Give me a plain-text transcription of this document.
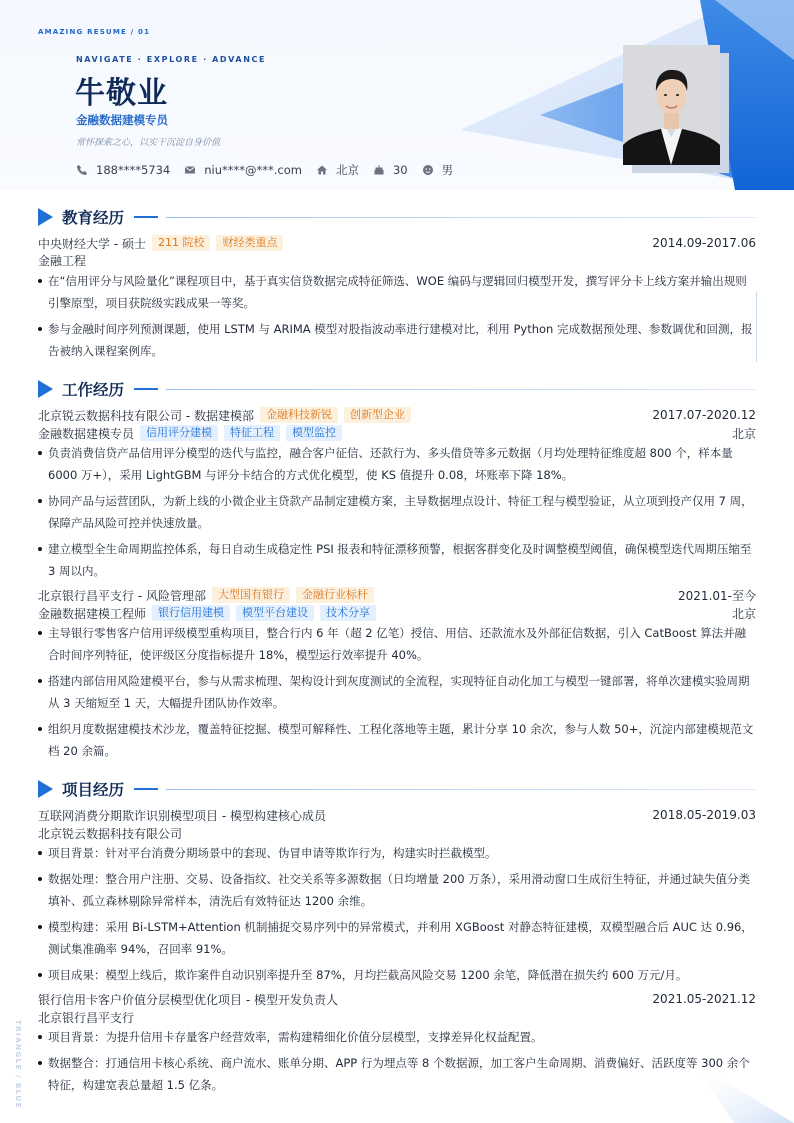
AMAZING RESUME / 01
NAVIGATE · EXPLORE · ADVANCE
牛敬业
金融数据建模专员
常怀探索之心，以实干沉淀自身价值
188****5734	niu****@***.com	北京	30	男
教育经历
中央财经大学 - 硕士	211 院校	财经类重点	2014.09-2017.06
金融工程
在“信用评分与风险量化”课程项目中，基于真实信贷数据完成特征筛选、WOE 编码与逻辑回归模型开发，撰写评分卡上线方案并输出规则引擎原型，项目获院级实践成果一等奖。
参与金融时间序列预测课题，使用 LSTM 与 ARIMA 模型对股指波动率进行建模对比，利用 Python 完成数据预处理、参数调优和回测，报告被纳入课程案例库。
工作经历
北京锐云数据科技有限公司 - 数据建模部	金融科技新锐	创新型企业	2017.07-2020.12
金融数据建模专员	信用评分建模	特征工程	模型监控	北京
负责消费信贷产品信用评分模型的迭代与监控，融合客户征信、还款行为、多头借贷等多元数据（月均处理特征维度超 800 个，样本量 6000 万+），采用 LightGBM 与评分卡结合的方式优化模型，使 KS 值提升 0.08，坏账率下降 18%。
协同产品与运营团队，为新上线的小微企业主贷款产品制定建模方案，主导数据埋点设计、特征工程与模型验证，从立项到投产仅用 7 周，保障产品风险可控并快速放量。
建立模型全生命周期监控体系，每日自动生成稳定性 PSI 报表和特征漂移预警，根据客群变化及时调整模型阈值，确保模型迭代周期压缩至 3 周以内。
北京银行昌平支行 - 风险管理部	大型国有银行	金融行业标杆	2021.01-至今
金融数据建模工程师	银行信用建模	模型平台建设	技术分享	北京
主导银行零售客户信用评级模型重构项目，整合行内 6 年（超 2 亿笔）授信、用信、还款流水及外部征信数据，引入 CatBoost 算法并融合时间序列特征，使评级区分度指标提升 18%，模型运行效率提升 40%。
搭建内部信用风险建模平台，参与从需求梳理、架构设计到灰度测试的全流程，实现特征自动化加工与模型一键部署，将单次建模实验周期从 3 天缩短至 1 天，大幅提升团队协作效率。
组织月度数据建模技术沙龙，覆盖特征挖掘、模型可解释性、工程化落地等主题，累计分享 10 余次，参与人数 50+，沉淀内部建模规范文档 20 余篇。
项目经历
互联网消费分期欺诈识别模型项目 - 模型构建核心成员	2018.05-2019.03
北京锐云数据科技有限公司
项目背景：针对平台消费分期场景中的套现、伪冒申请等欺诈行为，构建实时拦截模型。
数据处理：整合用户注册、交易、设备指纹、社交关系等多源数据（日均增量 200 万条），采用滑动窗口生成衍生特征，并通过缺失值分类填补、孤立森林剔除异常样本，清洗后有效特征达 1200 余维。
模型构建：采用 Bi-LSTM+Attention 机制捕捉交易序列中的异常模式，并利用 XGBoost 对静态特征建模，双模型融合后 AUC 达 0.96，测试集准确率 94%，召回率 91%。
项目成果：模型上线后，欺诈案件自动识别率提升至 87%，月均拦截高风险交易 1200 余笔，降低潜在损失约 600 万元/月。
银行信用卡客户价值分层模型优化项目 - 模型开发负责人	2021.05-2021.12
北京银行昌平支行
项目背景：为提升信用卡存量客户经营效率，需构建精细化价值分层模型，支撑差异化权益配置。
数据整合：打通信用卡核心系统、商户流水、账单分期、APP 行为埋点等 8 个数据源，加工客户生命周期、消费偏好、活跃度等 300 余个特征，构建宽表总量超 1.5 亿条。
TRIANGLE / BLUE
